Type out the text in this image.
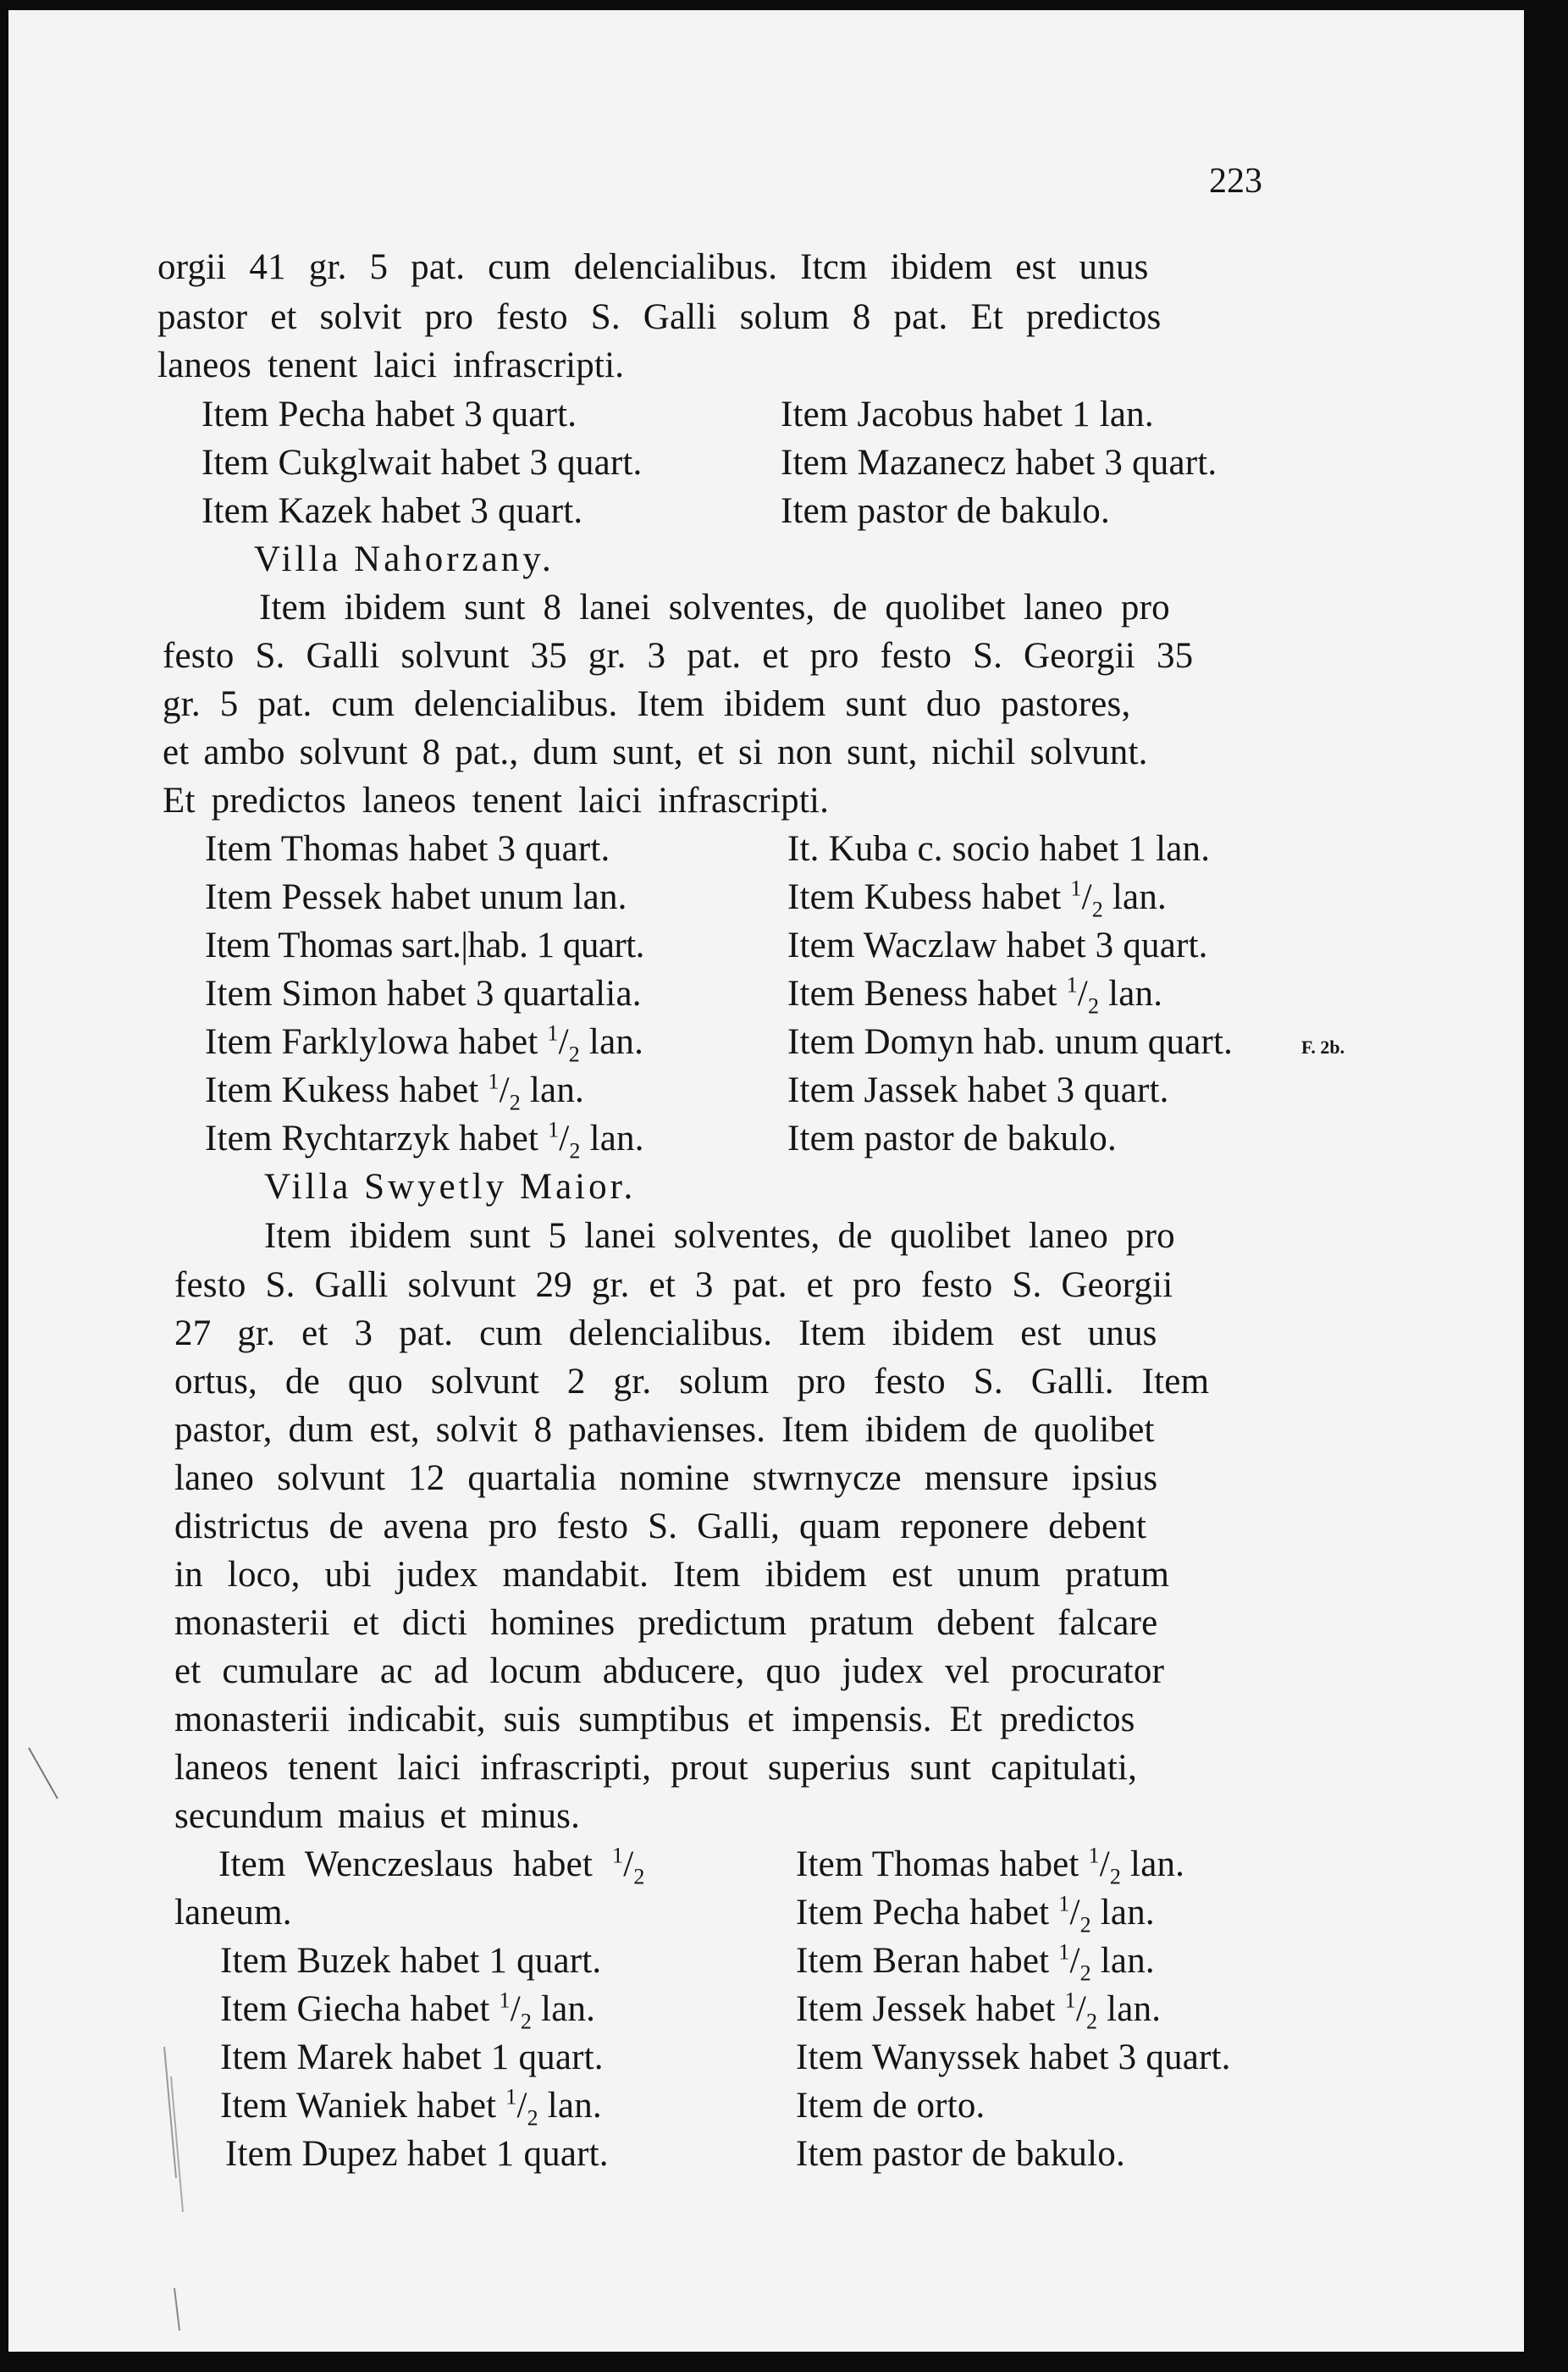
223
orgii 41 gr. 5 pat. cum delencialibus. Itcm ibidem est unus
pastor et solvit pro festo S. Galli solum 8 pat. Et predictos
laneos tenent laici infrascripti.
Item Pecha habet 3 quart.
Item Cukglwait habet 3 quart.
Item Kazek habet 3 quart.
Item Jacobus habet 1 lan.
Item Mazanecz habet 3 quart.
Item pastor de bakulo.
Villa Nahorzany.
Item ibidem sunt 8 lanei solventes, de quolibet laneo pro
festo S. Galli solvunt 35 gr. 3 pat. et pro festo S. Georgii 35
gr. 5 pat. cum delencialibus. Item ibidem sunt duo pastores,
et ambo solvunt 8 pat., dum sunt, et si non sunt, nichil solvunt.
Et predictos laneos tenent laici infrascripti.
Item Thomas habet 3 quart.
Item Pessek habet unum lan.
Item Thomas sart.|hab. 1 quart.
Item Simon habet 3 quartalia.
Item Farklylowa habet $^1/_2$ lan.
Item Kukess habet $^1/_2$ lan.
Item Rychtarzyk habet $^1/_2$ lan.
It. Kuba c. socio habet 1 lan.
Item Kubess habet $^1/_2$ lan.
Item Waczlaw habet 3 quart.
Item Beness habet $^1/_2$ lan.
Item Domyn hab. unum quart.
Item Jassek habet 3 quart.
Item pastor de bakulo.
F. 2b.
Villa Swyetly Maior.
Item ibidem sunt 5 lanei solventes, de quolibet laneo pro
festo S. Galli solvunt 29 gr. et 3 pat. et pro festo S. Georgii
27 gr. et 3 pat. cum delencialibus. Item ibidem est unus
ortus, de quo solvunt 2 gr. solum pro festo S. Galli. Item
pastor, dum est, solvit 8 pathavienses. Item ibidem de quolibet
laneo solvunt 12 quartalia nomine stwrnycze mensure ipsius
districtus de avena pro festo S. Galli, quam reponere debent
in loco, ubi judex mandabit. Item ibidem est unum pratum
monasterii et dicti homines predictum pratum debent falcare
et cumulare ac ad locum abducere, quo judex vel procurator
monasterii indicabit, suis sumptibus et impensis. Et predictos
laneos tenent laici infrascripti, prout superius sunt capitulati,
secundum maius et minus.
Item Wenczeslaus habet $^1/_2$
laneum.
Item Buzek habet 1 quart.
Item Giecha habet $^1/_2$ lan.
Item Marek habet 1 quart.
Item Waniek habet $^1/_2$ lan.
Item Dupez habet 1 quart.
Item Thomas habet $^1/_2$ lan.
Item Pecha habet $^1/_2$ lan.
Item Beran habet $^1/_2$ lan.
Item Jessek habet $^1/_2$ lan.
Item Wanyssek habet 3 quart.
Item de orto.
Item pastor de bakulo.
